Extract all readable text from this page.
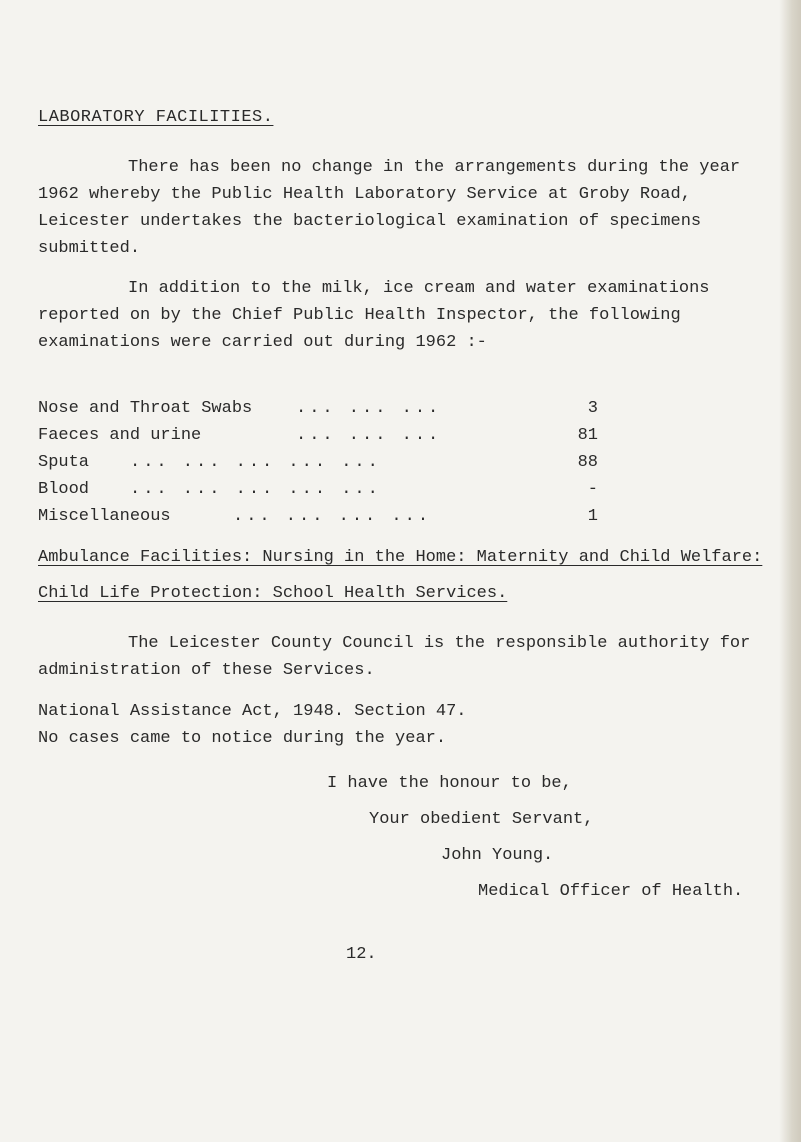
LABORATORY FACILITIES.

There has been no change in the arrangements during the year 1962 whereby the Public Health Laboratory Service at Groby Road, Leicester undertakes the bacteriological examination of specimens submitted.

In addition to the milk, ice cream and water examinations reported on by the Chief Public Health Inspector, the following examinations were carried out during 1962 :-

Nose and Throat Swabs	... ... ...	3
Faeces and urine	... ... ...	81
Sputa ... ... ... ... ...	88
Blood ... ... ... ... ...	-
Miscellaneous	... ... ... ...	1
Ambulance Facilities: Nursing in the Home: Maternity and Child Welfare:
Child Life Protection: School Health Services.

The Leicester County Council is the responsible authority for administration of these Services.

National Assistance Act, 1948. Section 47.
No cases came to notice during the year.
I have the honour to be,
Your obedient Servant,
John Young.
Medical Officer of Health.
12.
